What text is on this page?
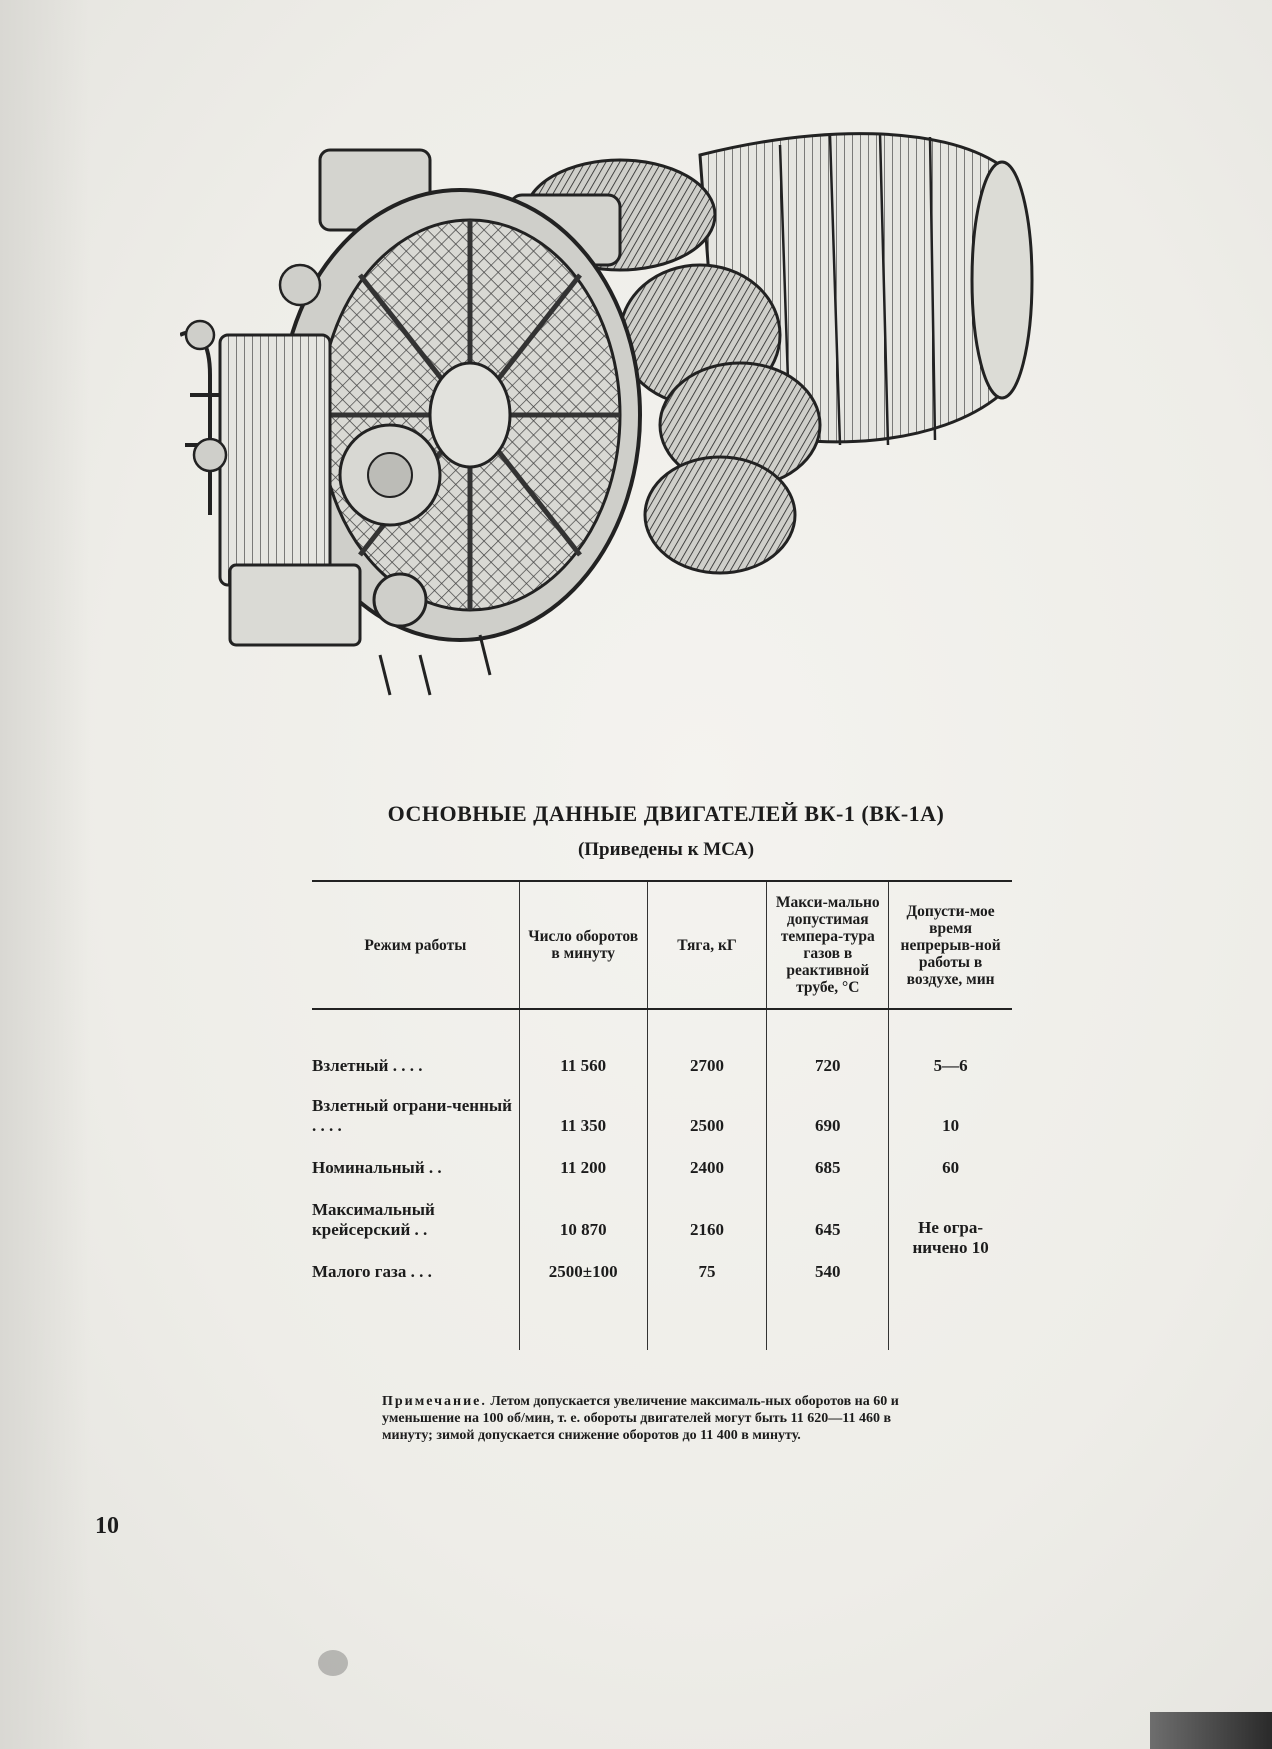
ОСНОВНЫЕ ДАННЫЕ ДВИГАТЕЛЕЙ ВК-1 (ВК-1А)
(Приведены к МСА)
Режим работы	Число оборотов в минуту	Тяга, кГ	Макси-мально допустимая темпера-тура газов в реактивной трубе, °С	Допусти-мое время непрерыв-ной работы в воздухе, мин
Взлетный . . . .	11 560	2700	720	5—6
Взлетный ограни-ченный . . . .	11 350	2500	690	10
Номинальный . .	11 200	2400	685	60
Максимальный крейсерский . .	10 870	2160	645	Не огра-ничено 10
Малого газа . . .	2500±100	75	540	

Примечание. Летом допускается увеличение максималь-ных оборотов на 60 и уменьшение на 100 об/мин, т. е. обороты двигателей могут быть 11 620—11 460 в минуту; зимой допускается снижение оборотов до 11 400 в минуту.
10
